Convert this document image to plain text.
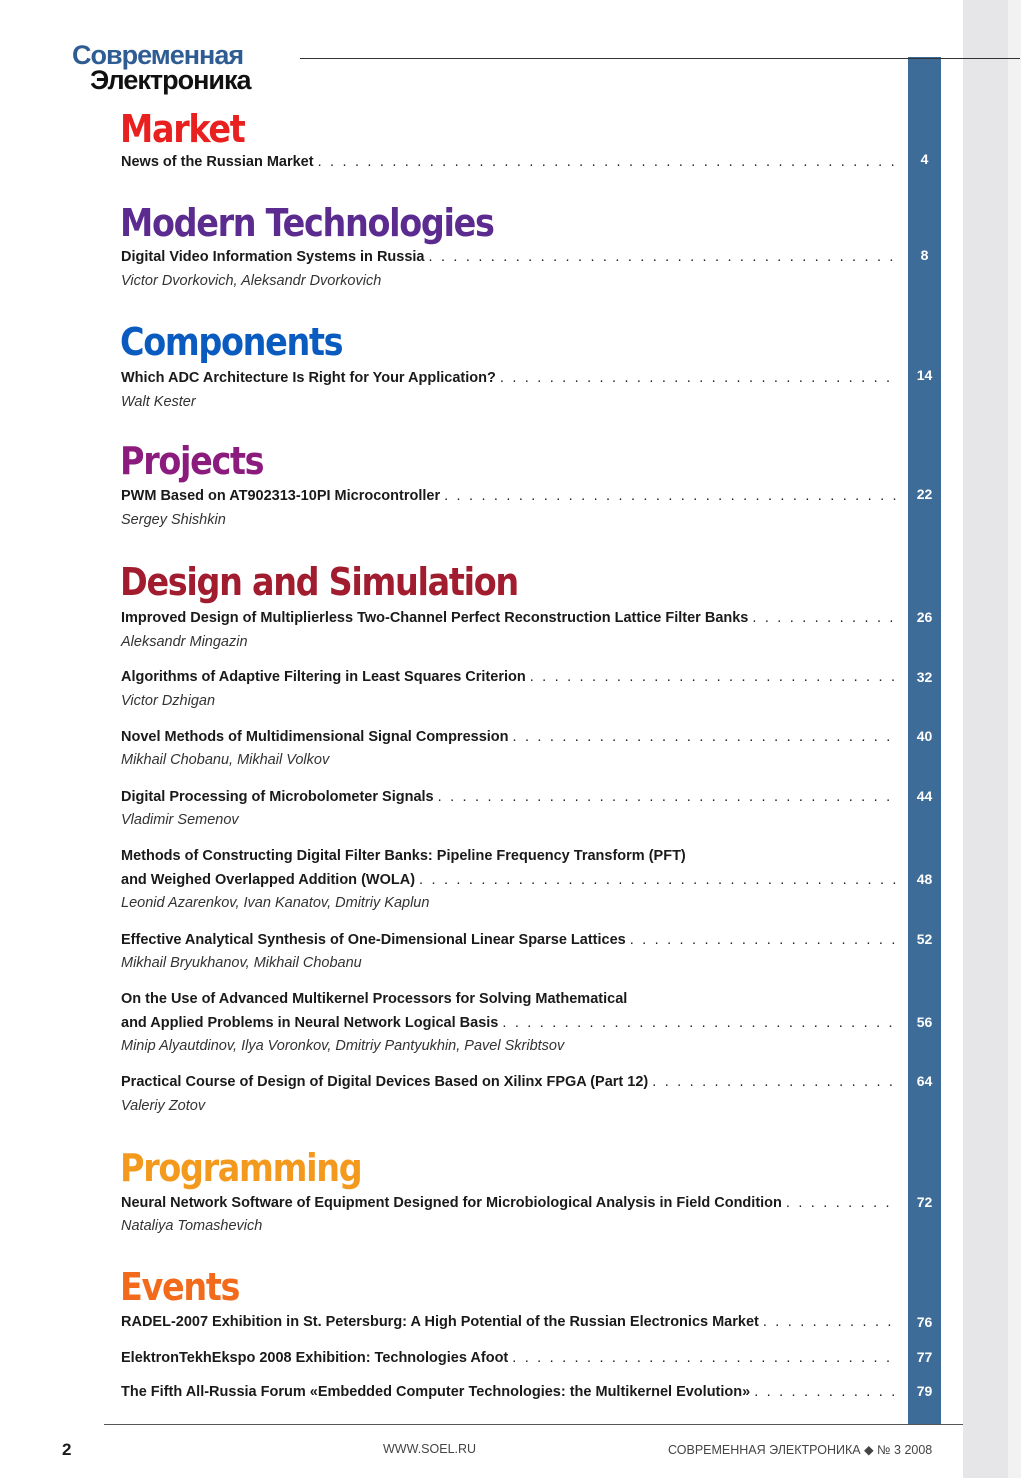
Современная
Электроника
Market
News of the Russian Market . . .	4
Modern Technologies
Digital Video Information Systems in Russia . . .	8
Victor Dvorkovich, Aleksandr Dvorkovich
Components
Which ADC Architecture Is Right for Your Application? . . .	14
Walt Kester
Projects
PWM Based on AT902313-10PI Microcontroller . . .	22
Sergey Shishkin
Design and Simulation
Improved Design of Multiplierless Two-Channel Perfect Reconstruction Lattice Filter Banks . . .	26
Aleksandr Mingazin
Algorithms of Adaptive Filtering in Least Squares Criterion . . .	32
Victor Dzhigan
Novel Methods of Multidimensional Signal Compression . . .	40
Mikhail Chobanu, Mikhail Volkov
Digital Processing of Microbolometer Signals . . .	44
Vladimir Semenov
Methods of Constructing Digital Filter Banks: Pipeline Frequency Transform (PFT)
and Weighed Overlapped Addition (WOLA) . . .	48
Leonid Azarenkov, Ivan Kanatov, Dmitriy Kaplun
Effective Analytical Synthesis of One-Dimensional Linear Sparse Lattices . . .	52
Mikhail Bryukhanov, Mikhail Chobanu
On the Use of Advanced Multikernel Processors for Solving Mathematical
and Applied Problems in Neural Network Logical Basis . . .	56
Minip Alyautdinov, Ilya Voronkov, Dmitriy Pantyukhin, Pavel Skribtsov
Practical Course of Design of Digital Devices Based on Xilinx FPGA (Part 12) . . .	64
Valeriy Zotov
Programming
Neural Network Software of Equipment Designed for Microbiological Analysis in Field Condition . . .	72
Nataliya Tomashevich
Events
RADEL-2007 Exhibition in St. Petersburg: A High Potential of the Russian Electronics Market . . .	76
ElektronTekhEkspo 2008 Exhibition: Technologies Afoot . . .	77
The Fifth All-Russia Forum «Embedded Computer Technologies: the Multikernel Evolution» . . .	79
2	WWW.SOEL.RU	СОВРЕМЕННАЯ ЭЛЕКТРОНИКА ◆ № 3 2008
